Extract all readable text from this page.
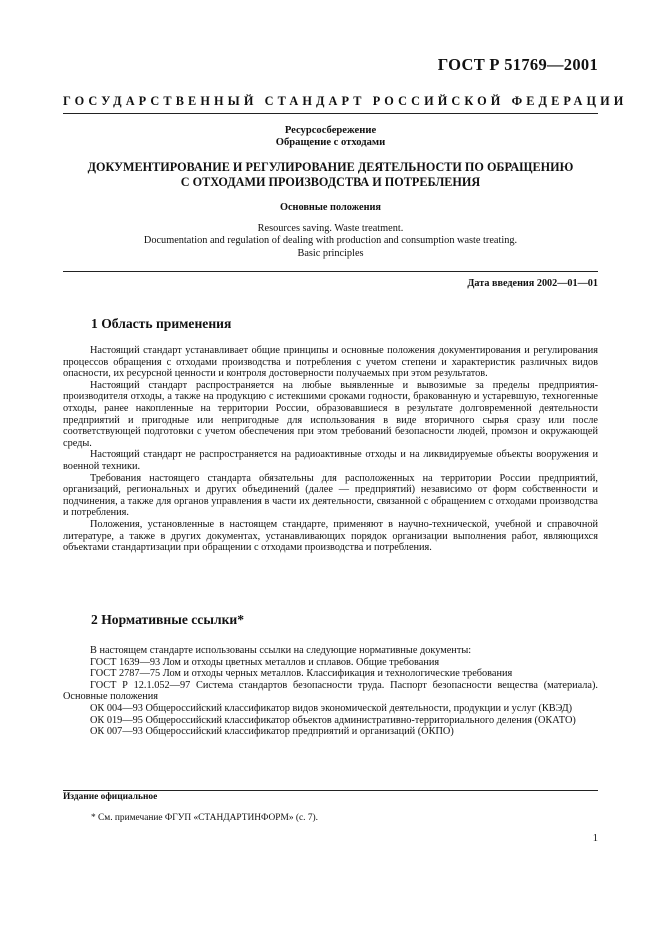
ГОСТ Р 51769—2001
ГОСУДАРСТВЕННЫЙ СТАНДАРТ РОССИЙСКОЙ ФЕДЕРАЦИИ
Ресурсосбережение
Обращение с отходами
ДОКУМЕНТИРОВАНИЕ И РЕГУЛИРОВАНИЕ ДЕЯТЕЛЬНОСТИ ПО ОБРАЩЕНИЮ
С ОТХОДАМИ ПРОИЗВОДСТВА И ПОТРЕБЛЕНИЯ
Основные положения
Resources saving. Waste treatment.
Documentation and regulation of dealing with production and consumption waste treating.
Basic principles
Дата введения 2002—01—01
1 Область применения

Настоящий стандарт устанавливает общие принципы и основные положения документирования и регулирования процессов обращения с отходами производства и потребления с учетом степени и характеристик различных видов опасности, их ресурсной ценности и контроля достоверности получаемых при этом результатов.

Настоящий стандарт распространяется на любые выявленные и вывозимые за пределы предприятия-производителя отходы, а также на продукцию с истекшими сроками годности, бракованную и устаревшую, техногенные отходы, ранее накопленные на территории России, образовавшиеся в результате долговременной деятельности предприятий и пригодные или непригодные для использования в виде вторичного сырья сразу или после соответствующей подготовки с учетом обеспечения при этом требований безопасности людей, промзон и окружающей среды.

Настоящий стандарт не распространяется на радиоактивные отходы и на ликвидируемые объекты вооружения и военной техники.

Требования настоящего стандарта обязательны для расположенных на территории России предприятий, организаций, региональных и других объединений (далее — предприятий) независимо от форм собственности и подчинения, а также для органов управления в части их деятельности, связанной с обращением с отходами производства и потребления.

Положения, установленные в настоящем стандарте, применяют в научно-технической, учебной и справочной литературе, а также в других документах, устанавливающих порядок организации выполнения работ, являющихся объектами стандартизации при обращении с отходами производства и потребления.

2 Нормативные ссылки*

В настоящем стандарте использованы ссылки на следующие нормативные документы:

ГОСТ 1639—93 Лом и отходы цветных металлов и сплавов. Общие требования

ГОСТ 2787—75 Лом и отходы черных металлов. Классификация и технологические требования

ГОСТ Р 12.1.052—97 Система стандартов безопасности труда. Паспорт безопасности вещества (материала). Основные положения

ОК 004—93 Общероссийский классификатор видов экономической деятельности, продукции и услуг (КВЭД)

ОК 019—95 Общероссийский классификатор объектов административно-территориального деления (ОКАТО)

ОК 007—93 Общероссийский классификатор предприятий и организаций (ОКПО)

Издание официальное
* См. примечание ФГУП «СТАНДАРТИНФОРМ» (с. 7).
1
